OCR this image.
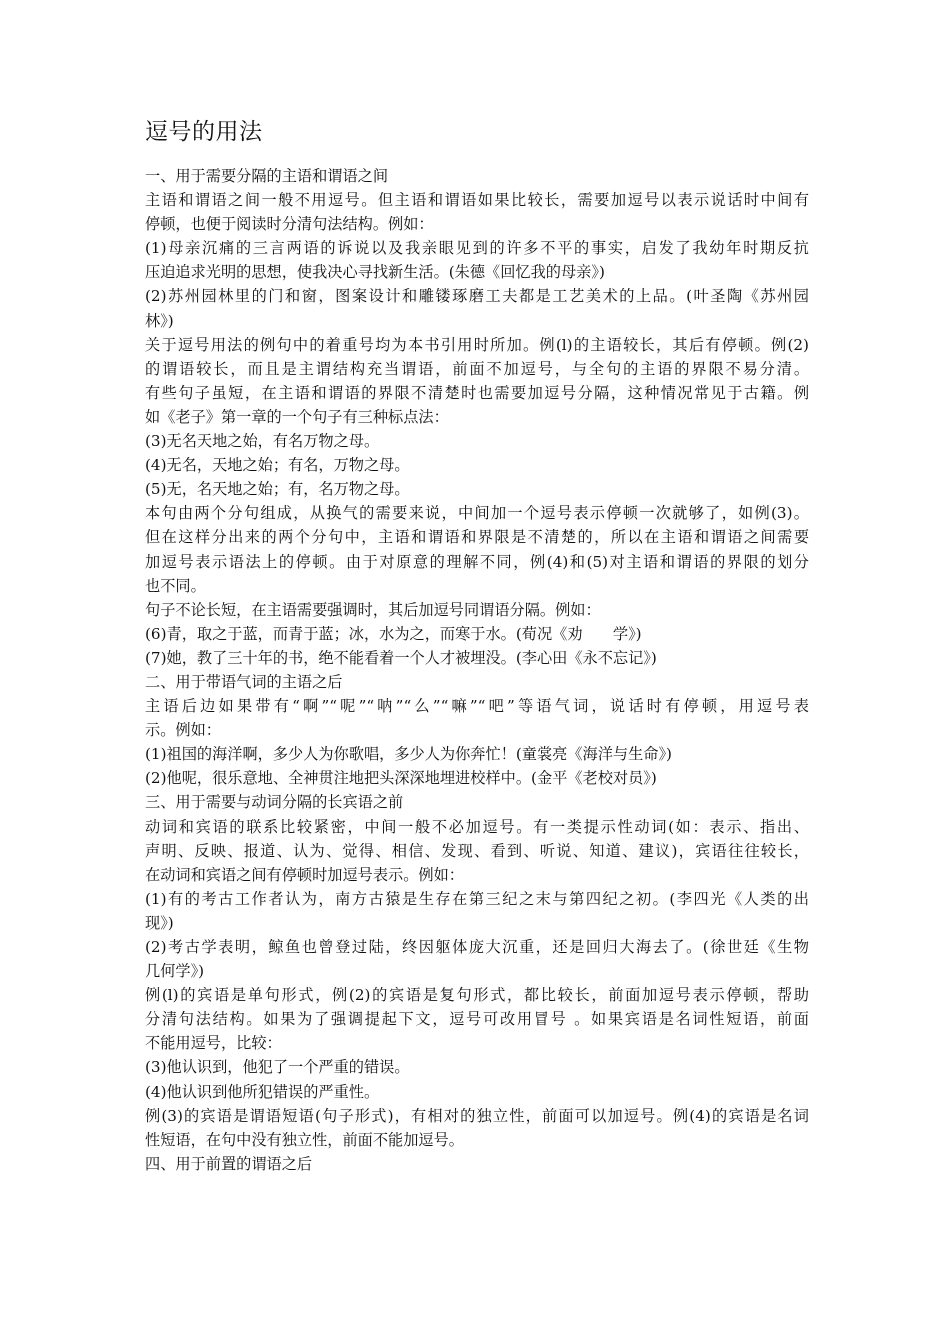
逗号的用法
一、用于需要分隔的主语和谓语之间
主语和谓语之间一般不用逗号。但主语和谓语如果比较长，需要加逗号以表示说话时中间有
停顿，也便于阅读时分清句法结构。例如：
(1)母亲沉痛的三言两语的诉说以及我亲眼见到的许多不平的事实，启发了我幼年时期反抗
压迫追求光明的思想，使我决心寻找新生活。(朱德《回忆我的母亲》)
(2)苏州园林里的门和窗，图案设计和雕镂琢磨工夫都是工艺美术的上品。(叶圣陶《苏州园
林》)
关于逗号用法的例句中的着重号均为本书引用时所加。例(l)的主语较长，其后有停顿。例(2)
的谓语较长，而且是主谓结构充当谓语，前面不加逗号，与全句的主语的界限不易分清。
有些句子虽短，在主语和谓语的界限不清楚时也需要加逗号分隔，这种情况常见于古籍。例
如《老子》第一章的一个句子有三种标点法：
(3)无名天地之始，有名万物之母。
(4)无名，天地之始；有名，万物之母。
(5)无，名天地之始；有，名万物之母。
本句由两个分句组成，从换气的需要来说，中间加一个逗号表示停顿一次就够了，如例(3)。
但在这样分出来的两个分句中，主语和谓语和界限是不清楚的，所以在主语和谓语之间需要
加逗号表示语法上的停顿。由于对原意的理解不同，例(4)和(5)对主语和谓语的界限的划分
也不同。
句子不论长短，在主语需要强调时，其后加逗号同谓语分隔。例如：
(6)青，取之于蓝，而青于蓝；冰，水为之，而寒于水。(荀况《劝　　学》)
(7)她，教了三十年的书，绝不能看着一个人才被埋没。(李心田《永不忘记》)
二、用于带语气词的主语之后
主语后边如果带有“啊”“呢”“呐”“么”“嘛”“吧”等语气词，说话时有停顿，用逗号表
示。例如：
(1)祖国的海洋啊，多少人为你歌唱，多少人为你奔忙！(童裳亮《海洋与生命》)
(2)他呢，很乐意地、全神贯注地把头深深地埋进校样中。(金平《老校对员》)
三、用于需要与动词分隔的长宾语之前
动词和宾语的联系比较紧密，中间一般不必加逗号。有一类提示性动词(如：表示、指出、
声明、反映、报道、认为、觉得、相信、发现、看到、听说、知道、建议)，宾语往往较长，
在动词和宾语之间有停顿时加逗号表示。例如：
(1)有的考古工作者认为，南方古猿是生存在第三纪之末与第四纪之初。(李四光《人类的出
现》)
(2)考古学表明，鲸鱼也曾登过陆，终因躯体庞大沉重，还是回归大海去了。(徐世廷《生物
几何学》)
例(l)的宾语是单句形式，例(2)的宾语是复句形式，都比较长，前面加逗号表示停顿，帮助
分清句法结构。如果为了强调提起下文，逗号可改用冒号 。如果宾语是名词性短语，前面
不能用逗号，比较：
(3)他认识到，他犯了一个严重的错误。
(4)他认识到他所犯错误的严重性。
例(3)的宾语是谓语短语(句子形式)，有相对的独立性，前面可以加逗号。例(4)的宾语是名词
性短语，在句中没有独立性，前面不能加逗号。
四、用于前置的谓语之后
